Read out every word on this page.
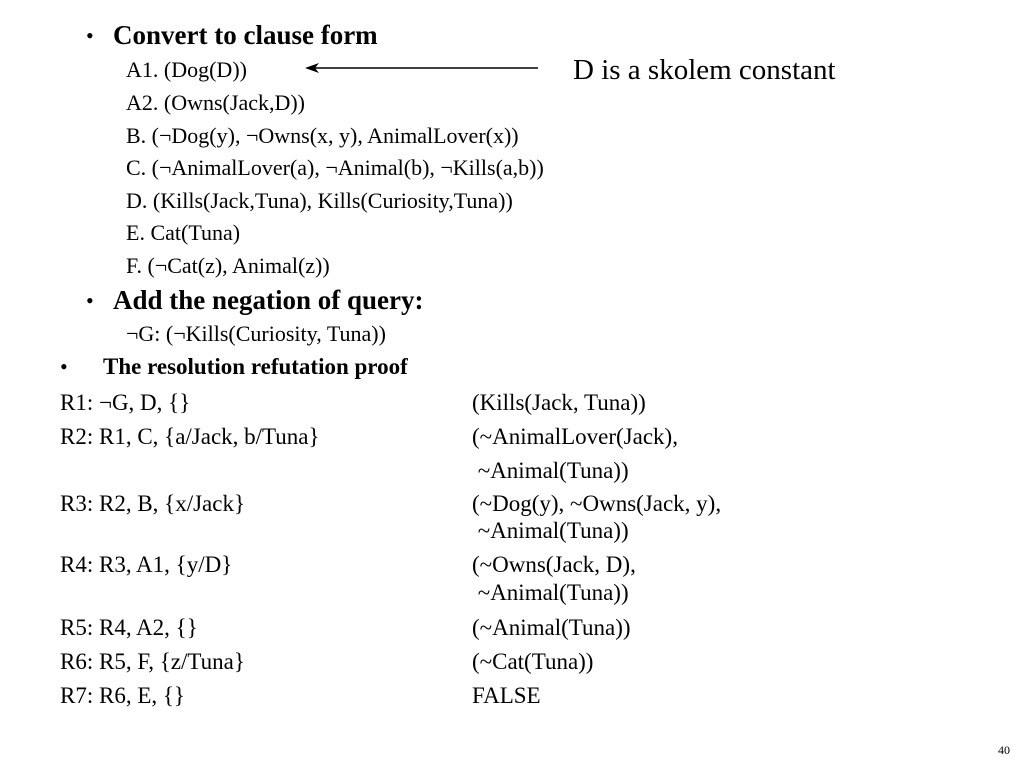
• Convert to clause form
A1. (Dog(D))
A2. (Owns(Jack,D))
B. (¬Dog(y), ¬Owns(x, y), AnimalLover(x))
C. (¬AnimalLover(a), ¬Animal(b), ¬Kills(a,b))
D. (Kills(Jack,Tuna), Kills(Curiosity,Tuna))
E. Cat(Tuna)
F. (¬Cat(z), Animal(z))
D is a skolem constant
• Add the negation of query:
¬G: (¬Kills(Curiosity, Tuna))
• The resolution refutation proof
R1: ¬G, D, {}
R2: R1, C, {a/Jack, b/Tuna}
R3: R2, B, {x/Jack}
R4: R3, A1, {y/D}
R5: R4, A2, {}
R6: R5, F, {z/Tuna}
R7: R6, E, {}
(Kills(Jack, Tuna))
(~AnimalLover(Jack),
~Animal(Tuna))
(~Dog(y), ~Owns(Jack, y),
~Animal(Tuna))
(~Owns(Jack, D),
~Animal(Tuna))
(~Animal(Tuna))
(~Cat(Tuna))
FALSE
40
